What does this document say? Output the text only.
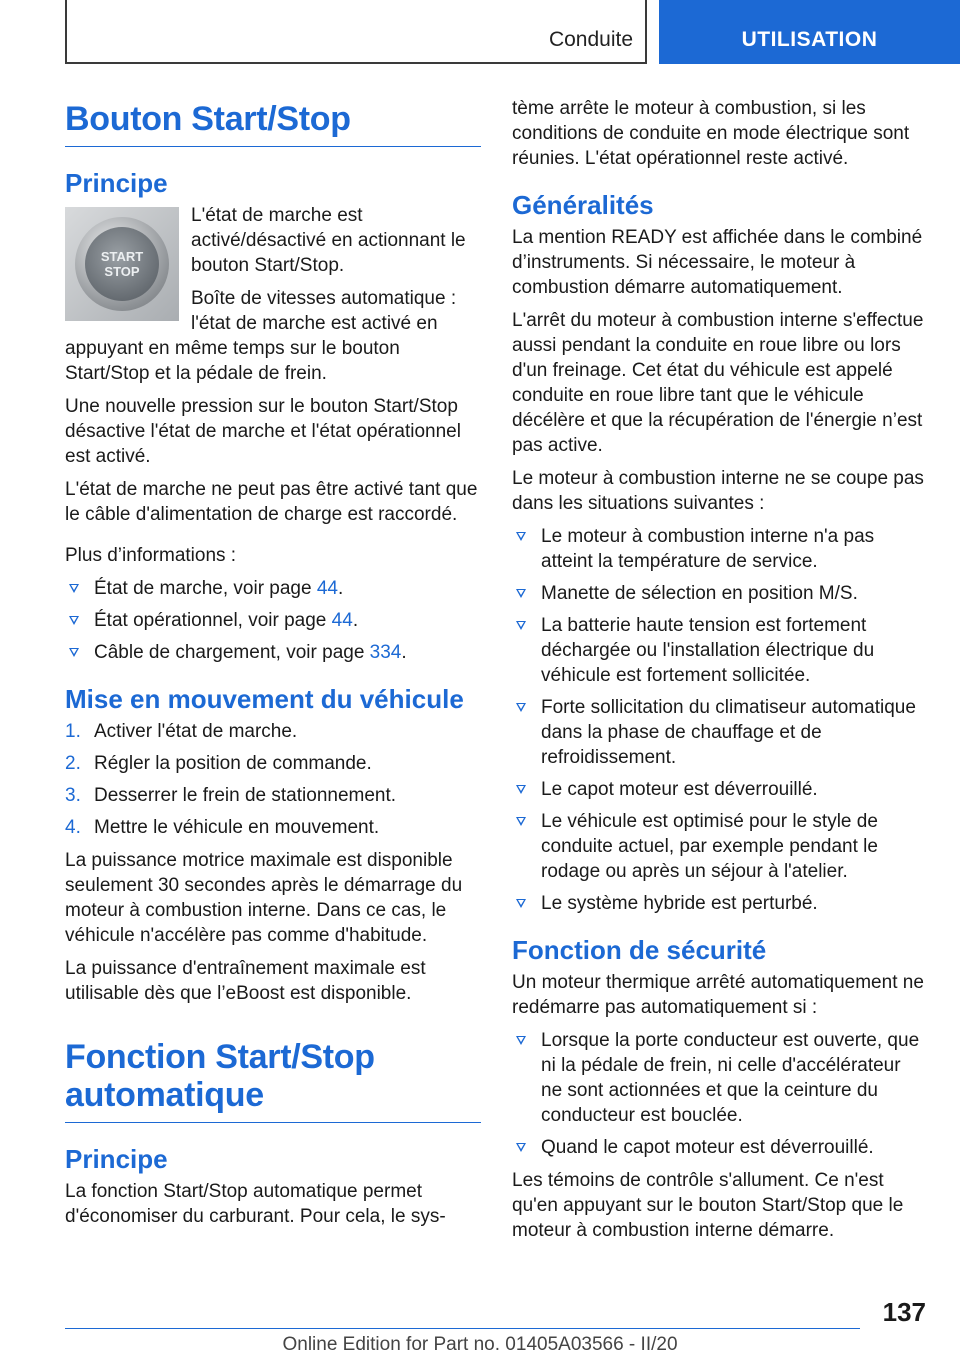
Conduite	UTILISATION
Bouton Start/Stop
Principe
START
STOP

L'état de marche est activé/désactivé en actionnant le bouton Start/Stop.

Boîte de vitesses automatique : l'état de marche est activé en appuyant en même temps sur le bouton Start/Stop et la pédale de frein.

Une nouvelle pression sur le bouton Start/Stop désactive l'état de marche et l'état opérationnel est activé.

L'état de marche ne peut pas être activé tant que le câble d'alimentation de charge est raccordé.

Plus d’informations :

État de marche, voir page 44.
État opérationnel, voir page 44.
Câble de chargement, voir page 334.
Mise en mouvement du véhicule
1. Activer l'état de marche.
2. Régler la position de commande.
3. Desserrer le frein de stationnement.
4. Mettre le véhicule en mouvement.

La puissance motrice maximale est disponible seulement 30 secondes après le démarrage du moteur à combustion interne. Dans ce cas, le véhicule n'accélère pas comme d'habitude.

La puissance d'entraînement maximale est utilisable dès que l’eBoost est disponible.

Fonction Start/Stop automatique
Principe

La fonction Start/Stop automatique permet d'économiser du carburant. Pour cela, le sys-

tème arrête le moteur à combustion, si les conditions de conduite en mode électrique sont réunies. L'état opérationnel reste activé.

Généralités

La mention READY est affichée dans le combiné d’instruments. Si nécessaire, le moteur à combustion démarre automatiquement.

L'arrêt du moteur à combustion interne s'effectue aussi pendant la conduite en roue libre ou lors d'un freinage. Cet état du véhicule est appelé conduite en roue libre tant que le véhicule décélère et que la récupération de l'énergie n’est pas active.

Le moteur à combustion interne ne se coupe pas dans les situations suivantes :

Le moteur à combustion interne n'a pas atteint la température de service.
Manette de sélection en position M/S.
La batterie haute tension est fortement déchargée ou l'installation électrique du véhicule est fortement sollicitée.
Forte sollicitation du climatiseur automatique dans la phase de chauffage et de refroidissement.
Le capot moteur est déverrouillé.
Le véhicule est optimisé pour le style de conduite actuel, par exemple pendant le rodage ou après un séjour à l'atelier.
Le système hybride est perturbé.
Fonction de sécurité

Un moteur thermique arrêté automatiquement ne redémarre pas automatiquement si :

Lorsque la porte conducteur est ouverte, que ni la pédale de frein, ni celle d'accélérateur ne sont actionnées et que la ceinture du conducteur est bouclée.
Quand le capot moteur est déverrouillé.

Les témoins de contrôle s'allument. Ce n'est qu'en appuyant sur le bouton Start/Stop que le moteur à combustion interne démarre.

137
Online Edition for Part no. 01405A03566 - II/20
